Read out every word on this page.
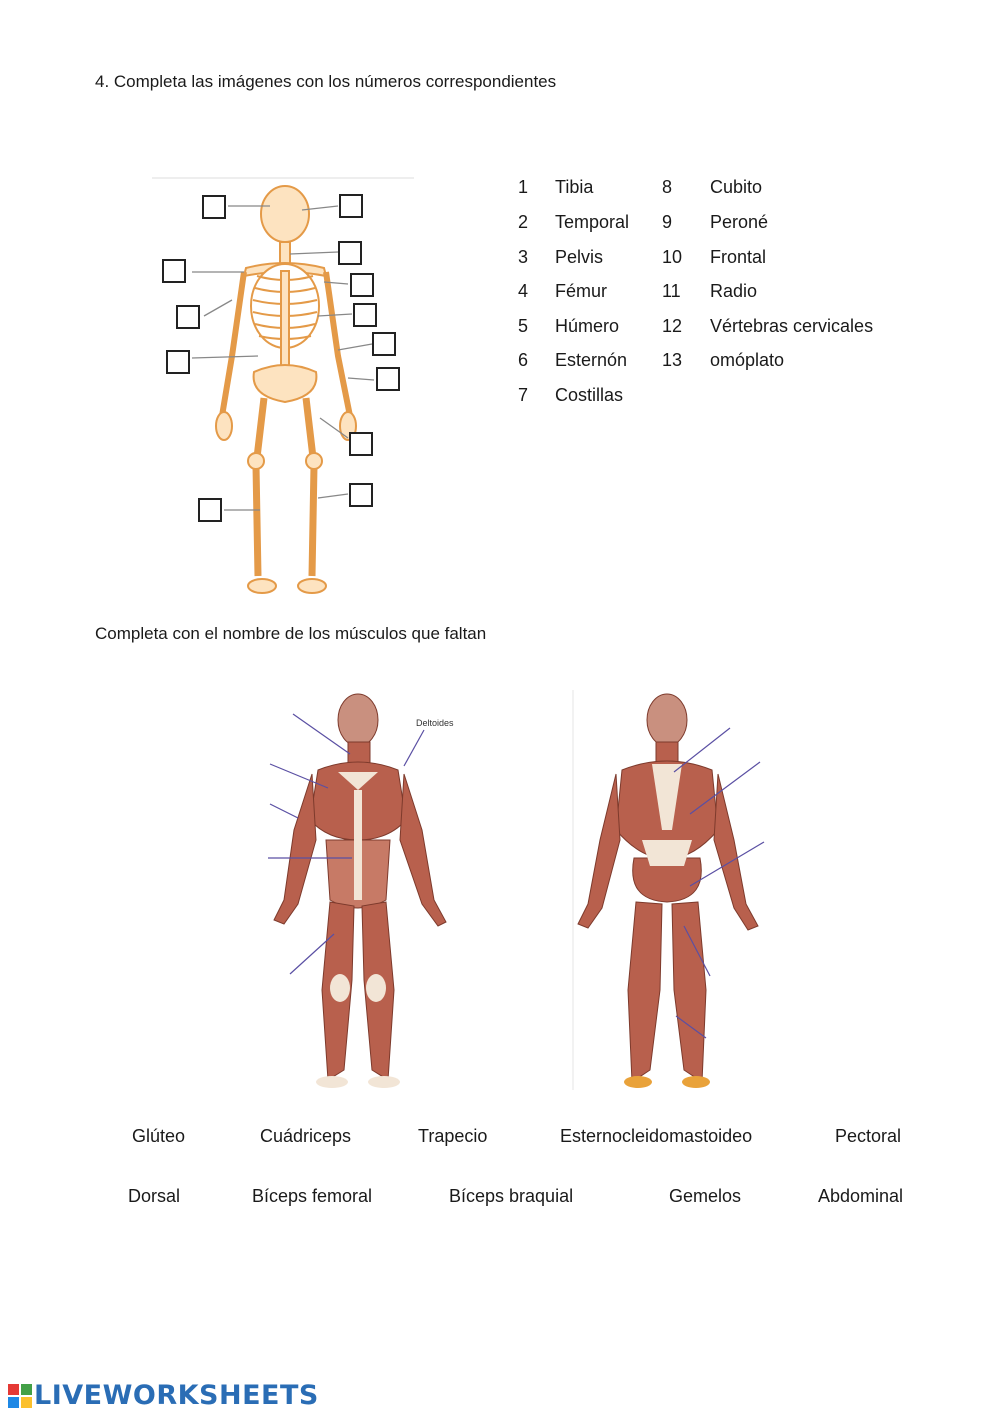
4. Completa las imágenes con los números correspondientes
1	Tibia
2	Temporal
3	Pelvis
4	Fémur
5	Húmero
6	Esternón
7	Costillas
8	Cubito
9	Peroné
10	Frontal
11	Radio
12	Vértebras cervicales
13	omóplato
Completa con el nombre de los músculos que faltan
Deltoides
Glúteo	Cuádriceps	Trapecio	Esternocleidomastoideo	Pectoral
Dorsal	Bíceps femoral	Bíceps braquial	Gemelos	Abdominal
LIVEWORKSHEETS
